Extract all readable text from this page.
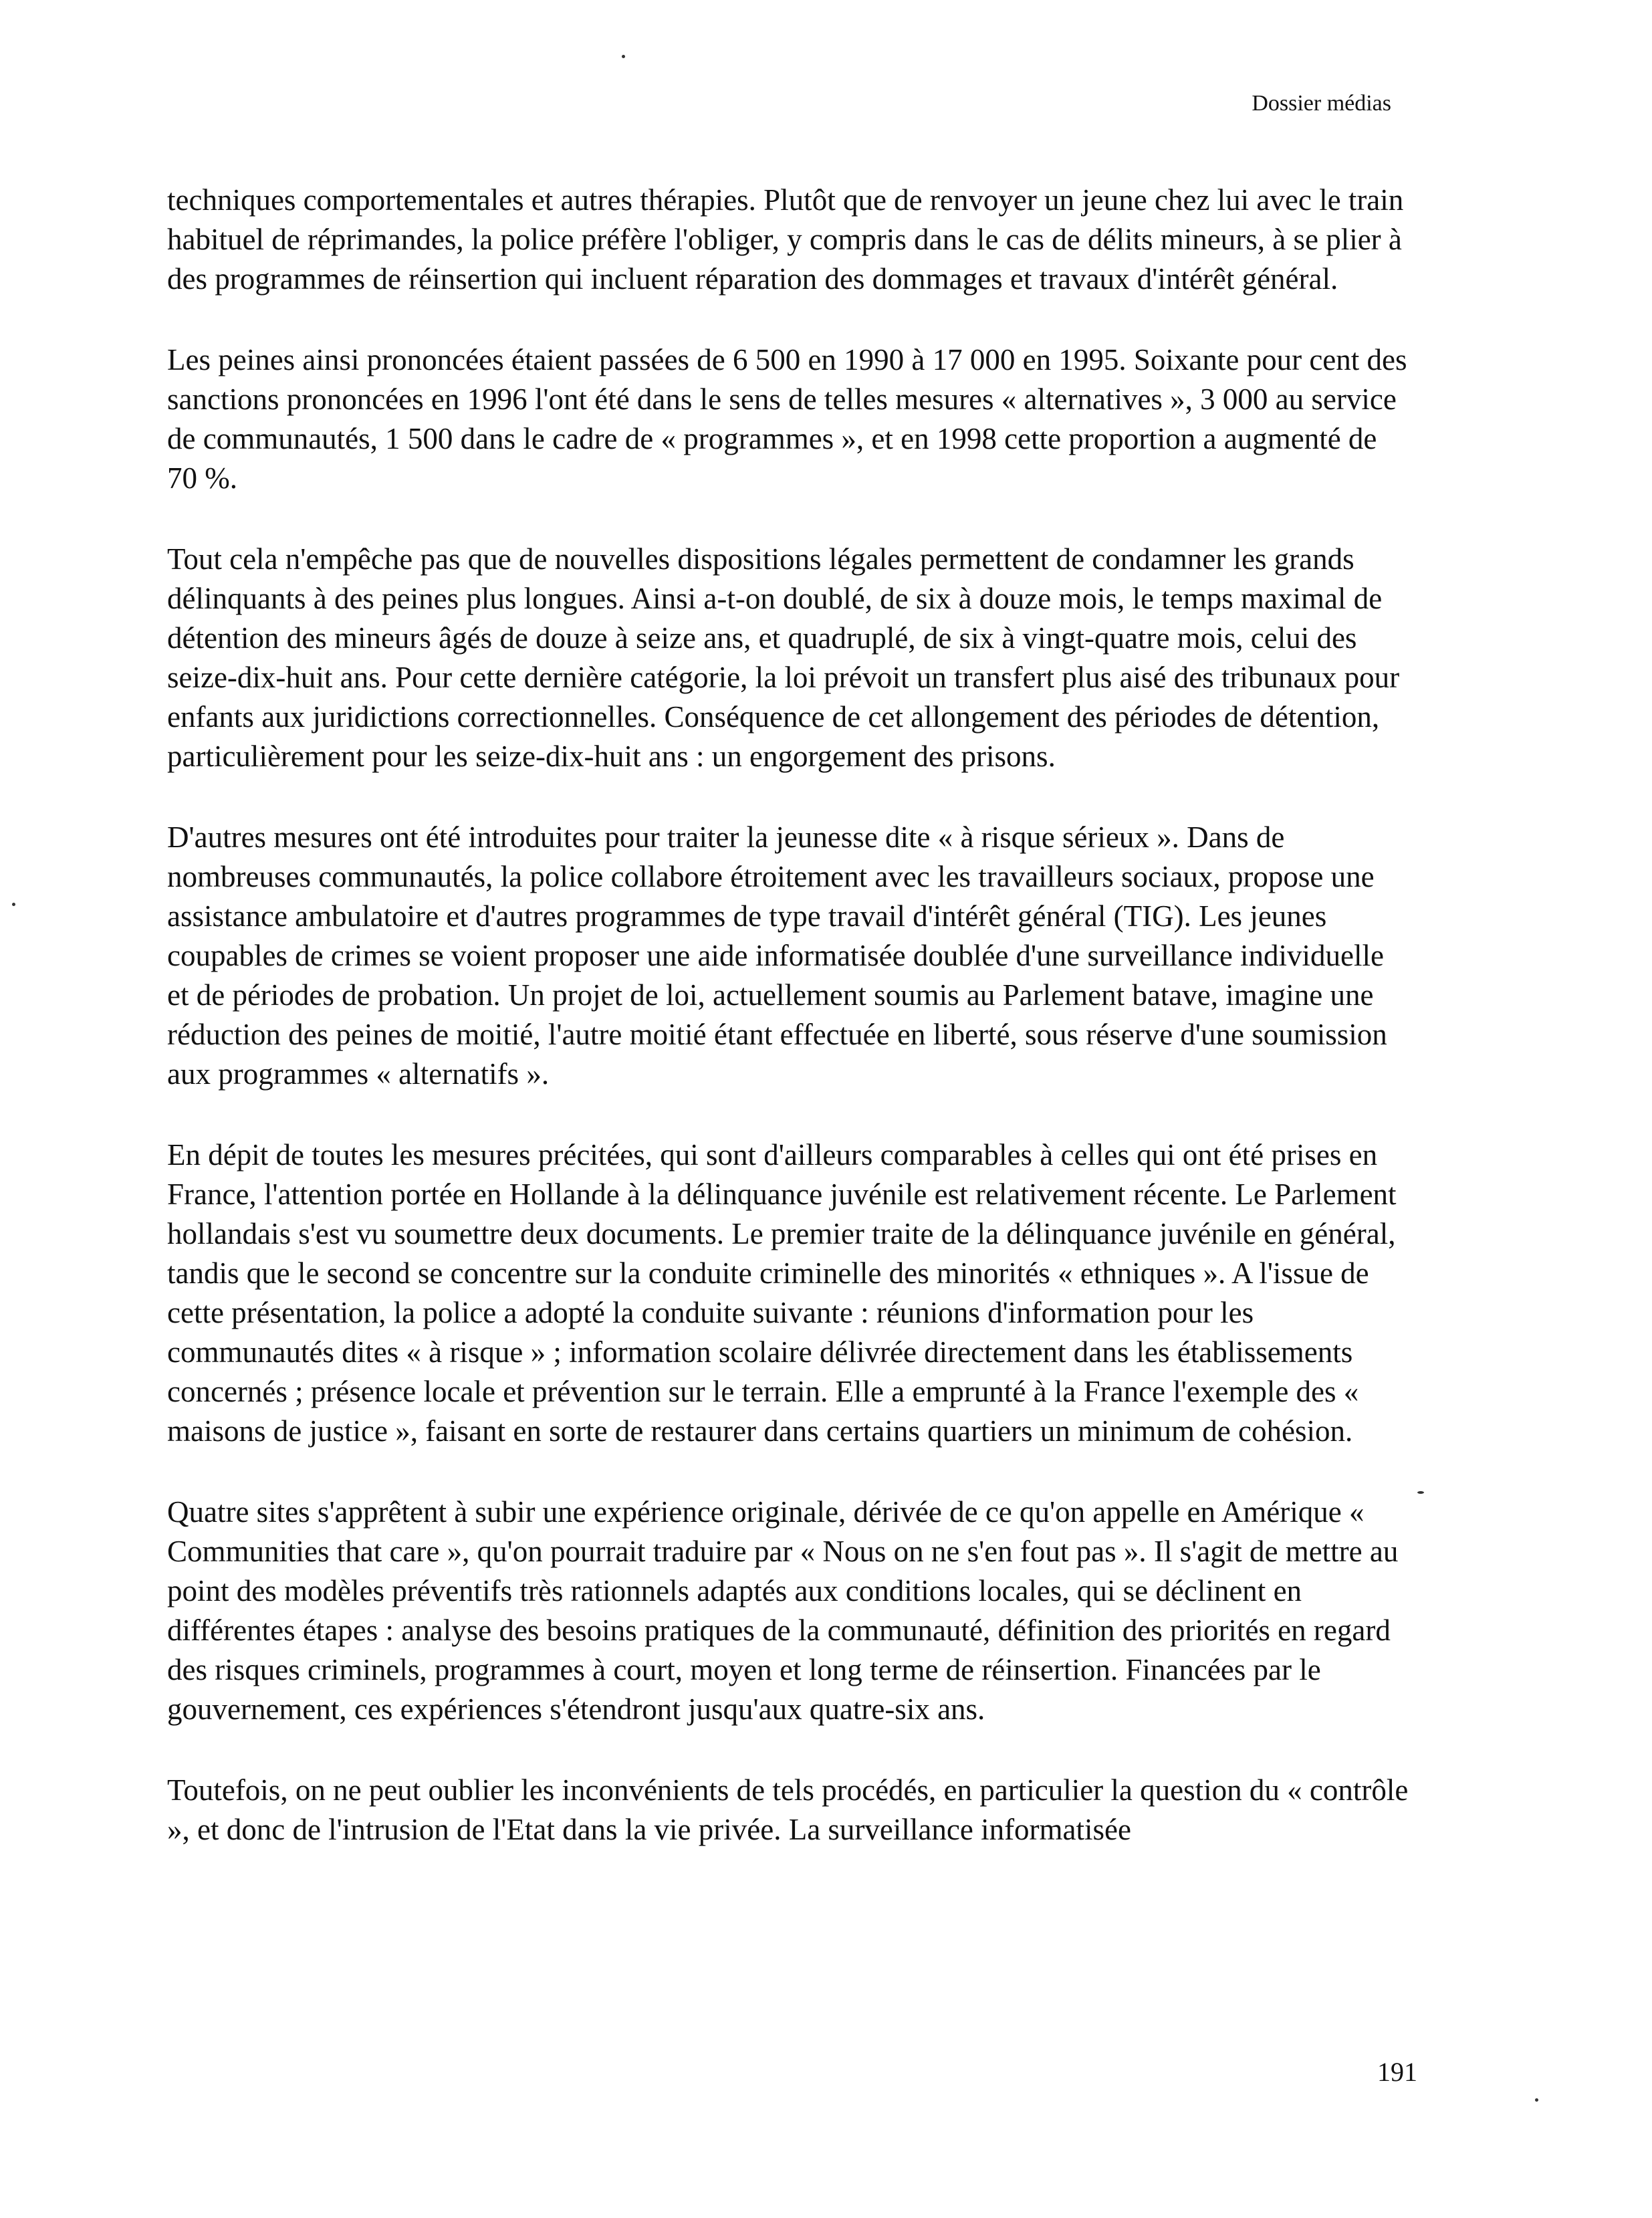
Dossier médias

techniques comportementales et autres thérapies. Plutôt que de renvoyer un jeune chez lui avec le train habituel de réprimandes, la police préfère l'obliger, y compris dans le cas de délits mineurs, à se plier à des programmes de réinsertion qui incluent réparation des dommages et travaux d'intérêt général.

Les peines ainsi prononcées étaient passées de 6 500 en 1990 à 17 000 en 1995. Soixante pour cent des sanctions prononcées en 1996 l'ont été dans le sens de telles mesures « alternatives », 3 000 au service de communautés, 1 500 dans le cadre de « programmes », et en 1998 cette proportion a augmenté de 70 %.

Tout cela n'empêche pas que de nouvelles dispositions légales permettent de condamner les grands délinquants à des peines plus longues. Ainsi a-t-on doublé, de six à douze mois, le temps maximal de détention des mineurs âgés de douze à seize ans, et quadruplé, de six à vingt-quatre mois, celui des seize-dix-huit ans. Pour cette dernière catégorie, la loi prévoit un transfert plus aisé des tribunaux pour enfants aux juridictions correctionnelles. Conséquence de cet allongement des périodes de détention, particulièrement pour les seize-dix-huit ans : un engorgement des prisons.

D'autres mesures ont été introduites pour traiter la jeunesse dite « à risque sérieux ». Dans de nombreuses communautés, la police collabore étroitement avec les travailleurs sociaux, propose une assistance ambulatoire et d'autres programmes de type travail d'intérêt général (TIG). Les jeunes coupables de crimes se voient proposer une aide informatisée doublée d'une surveillance individuelle et de périodes de probation. Un projet de loi, actuellement soumis au Parlement batave, imagine une réduction des peines de moitié, l'autre moitié étant effectuée en liberté, sous réserve d'une soumission aux programmes « alternatifs ».

En dépit de toutes les mesures précitées, qui sont d'ailleurs comparables à celles qui ont été prises en France, l'attention portée en Hollande à la délinquance juvénile est relativement récente. Le Parlement hollandais s'est vu soumettre deux documents. Le premier traite de la délinquance juvénile en général, tandis que le second se concentre sur la conduite criminelle des minorités « ethniques ». A l'issue de cette présentation, la police a adopté la conduite suivante : réunions d'information pour les communautés dites « à risque » ; information scolaire délivrée directement dans les établissements concernés ; présence locale et prévention sur le terrain. Elle a emprunté à la France l'exemple des « maisons de justice », faisant en sorte de restaurer dans certains quartiers un minimum de cohésion.

Quatre sites s'apprêtent à subir une expérience originale, dérivée de ce qu'on appelle en Amérique « Communities that care », qu'on pourrait traduire par « Nous on ne s'en fout pas ». Il s'agit de mettre au point des modèles préventifs très rationnels adaptés aux conditions locales, qui se déclinent en différentes étapes : analyse des besoins pratiques de la communauté, définition des priorités en regard des risques criminels, programmes à court, moyen et long terme de réinsertion. Financées par le gouvernement, ces expériences s'étendront jusqu'aux quatre-six ans.

Toutefois, on ne peut oublier les inconvénients de tels procédés, en particulier la question du « contrôle », et donc de l'intrusion de l'Etat dans la vie privée. La surveillance informatisée

191
